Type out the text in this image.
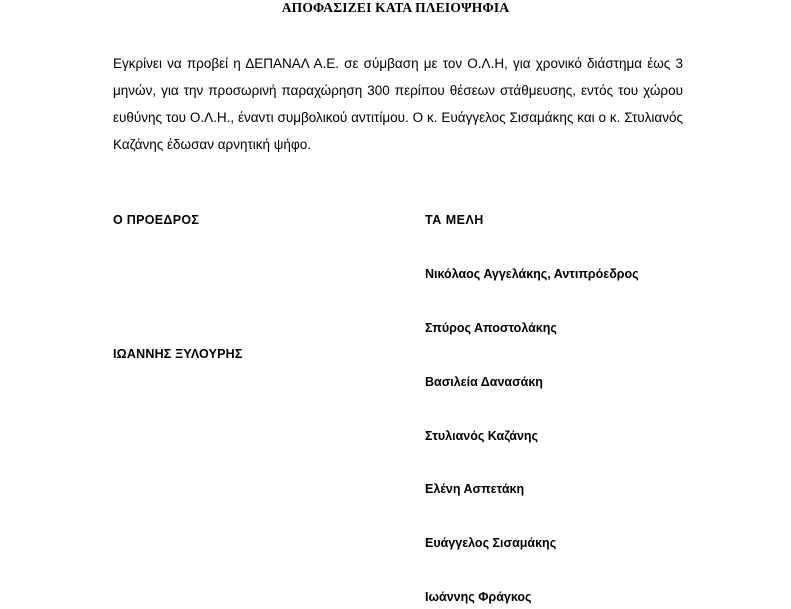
ΑΠΟΦΑΣΙΖΕΙ ΚΑΤΑ ΠΛΕΙΟΨΗΦΙΑ
Εγκρίνει να προβεί η ΔΕΠΑΝΑΛ Α.Ε. σε σύμβαση με τον Ο.Λ.Η, για χρονικό διάστημα έως 3 μηνών, για την προσωρινή παραχώρηση 300 περίπου θέσεων στάθμευσης, εντός του χώρου ευθύνης του Ο.Λ.Η., έναντι συμβολικού αντιτίμου. Ο κ. Ευάγγελος Σισαμάκης και ο κ. Στυλιανός Καζάνης έδωσαν αρνητική ψήφο.
Ο ΠΡΟΕΔΡΟΣ
ΙΩΑΝΝΗΣ ΞΥΛΟΥΡΗΣ
ΤΑ ΜΕΛΗ
Νικόλαος Αγγελάκης, Αντιπρόεδρος
Σπύρος Αποστολάκης
Βασιλεία Δανασάκη
Στυλιανός Καζάνης
Ελένη Ασπετάκη
Ευάγγελος Σισαμάκης
Ιωάννης Φράγκος
